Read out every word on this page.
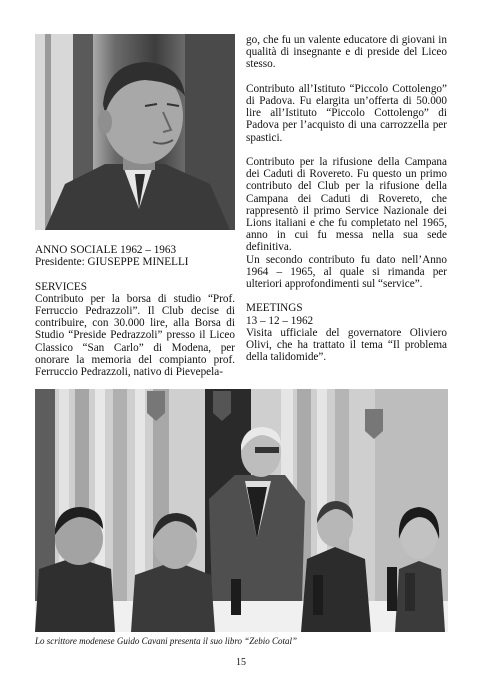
ANNO SOCIALE 1962 – 1963

Presidente: GIUSEPPE MINELLI

SERVICES

Contributo per la borsa di studio “Prof. Ferruccio Pedrazzoli”. Il Club decise di contribuire, con 30.000 lire, alla Borsa di Studio “Preside Pedrazzoli” presso il Liceo Classico “San Carlo” di Modena, per onorare la memoria del compianto prof. Ferruccio Pedrazzoli, nativo di Pievepela-

go, che fu un valente educatore di giovani in qualità di insegnante e di preside del Liceo stesso.

Contributo all’Istituto “Piccolo Cottolengo” di Padova. Fu elargita un’offerta di 50.000 lire all’Istituto “Piccolo Cottolengo” di Padova per l’acquisto di una carrozzella per spastici.

Contributo per la rifusione della Campana dei Caduti di Rovereto. Fu questo un primo contributo del Club per la rifusione della Campana dei Caduti di Rovereto, che rappresentò il primo Service Nazionale dei Lions italiani e che fu completato nel 1965, anno in cui fu messa nella sua sede definitiva.

Un secondo contributo fu dato nell’Anno 1964 – 1965, al quale si rimanda per ulteriori approfondimenti sul “service”.

MEETINGS

13 – 12 – 1962

Visita ufficiale del governatore Oliviero Olivi, che ha trattato il tema “Il problema della talidomide”.

Lo scrittore modenese Guido Cavani presenta il suo libro “Zebio Cotal”
15
